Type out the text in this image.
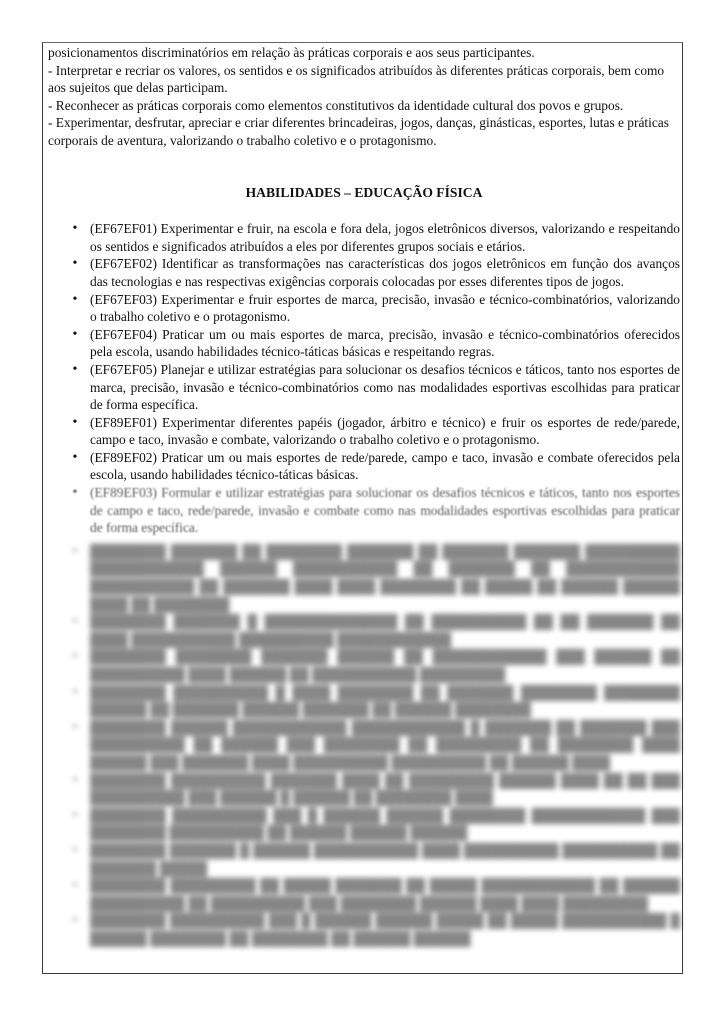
posicionamentos discriminatórios em relação às práticas corporais e aos seus participantes.

- Interpretar e recriar os valores, os sentidos e os significados atribuídos às diferentes práticas corporais, bem como aos sujeitos que delas participam.

- Reconhecer as práticas corporais como elementos constitutivos da identidade cultural dos povos e grupos.

- Experimentar, desfrutar, apreciar e criar diferentes brincadeiras, jogos, danças, ginásticas, esportes, lutas e práticas corporais de aventura, valorizando o trabalho coletivo e o protagonismo.

HABILIDADES – EDUCAÇÃO FÍSICA
• (EF67EF01) Experimentar e fruir, na escola e fora dela, jogos eletrônicos diversos, valorizando e respeitando os sentidos e significados atribuídos a eles por diferentes grupos sociais e etários.
• (EF67EF02) Identificar as transformações nas características dos jogos eletrônicos em função dos avanços das tecnologias e nas respectivas exigências corporais colocadas por esses diferentes tipos de jogos.
• (EF67EF03) Experimentar e fruir esportes de marca, precisão, invasão e técnico-combinatórios, valorizando o trabalho coletivo e o protagonismo.
• (EF67EF04) Praticar um ou mais esportes de marca, precisão, invasão e técnico-combinatórios oferecidos pela escola, usando habilidades técnico-táticas básicas e respeitando regras.
• (EF67EF05) Planejar e utilizar estratégias para solucionar os desafios técnicos e táticos, tanto nos esportes de marca, precisão, invasão e técnico-combinatórios como nas modalidades esportivas escolhidas para praticar de forma específica.
• (EF89EF01) Experimentar diferentes papéis (jogador, árbitro e técnico) e fruir os esportes de rede/parede, campo e taco, invasão e combate, valorizando o trabalho coletivo e o protagonismo.
• (EF89EF02) Praticar um ou mais esportes de rede/parede, campo e taco, invasão e combate oferecidos pela escola, usando habilidades técnico-táticas básicas.
• (EF89EF03) Formular e utilizar estratégias para solucionar os desafios técnicos e táticos, tanto nos esportes de campo e taco, rede/parede, invasão e combate como nas modalidades esportivas escolhidas para praticar de forma específica.
• ████████ ███████ ██ ████████ ███████ ██ ███████ ███████ ██████████ ████████████ ██████ ███████████ ██ ███████ ██ ████████████ ███████████ ██ ███████ ████ ████ ████████ ██ █████ ██ ██████ ██████ ████ ██ ████████
• ████████ ███████ █ ██████████████ ██ ██████████ ██ ██ ███████ ██ ████ ███████████ ██████████ ████████████
• ████████ ████████ ███████ ██████ ██ ████████████ ███ ██████ ██ ██████████ ████ ██████ ██ ███████████ █████████
• ████████ ██████████ █ ████ ████████ ██ ███████ ████████ ████████ ██████ ██ ███████ ██████ ███████ ██ ██████ ████████
• ████████ ██████ ████████████ ████████████ █ ███████ ██ ███████ ███ ██████████ ██ ██████ ███ ████████ ██ █████████ ██ ████████ ████ ██████ ███ ███████ ████ ██████████ ██████████ ██ ██████ ████
• ████████ ██████████ ███████ ████ ██ █████████ ██████ ████ ██ ██ ███ ██████████ ███ ██████ █ ██████ ██ ████████ ████
• ████████ ██████████ ███ █ ██████ ██████ ████████ ████████████ ███ ████████ ██████████ ██ ██████ ██████ ██████
• ████████ ███████ █ ██████ ███████████ ████ ██████████ ██████████ ██ ███████ █████
• ████████ █████████ ██ █████ ███████ ██ █████ ████████████ ██ ██████ ██████████ ██ ██████████ ███ ████████ ██████ ████ ████ █████████
• ████████ ██████████ ███ █ ██████ ██████ █████ ██ █████ ███████████ █ ██████ ████████ ██ ████████ ██ ██████ ██████
